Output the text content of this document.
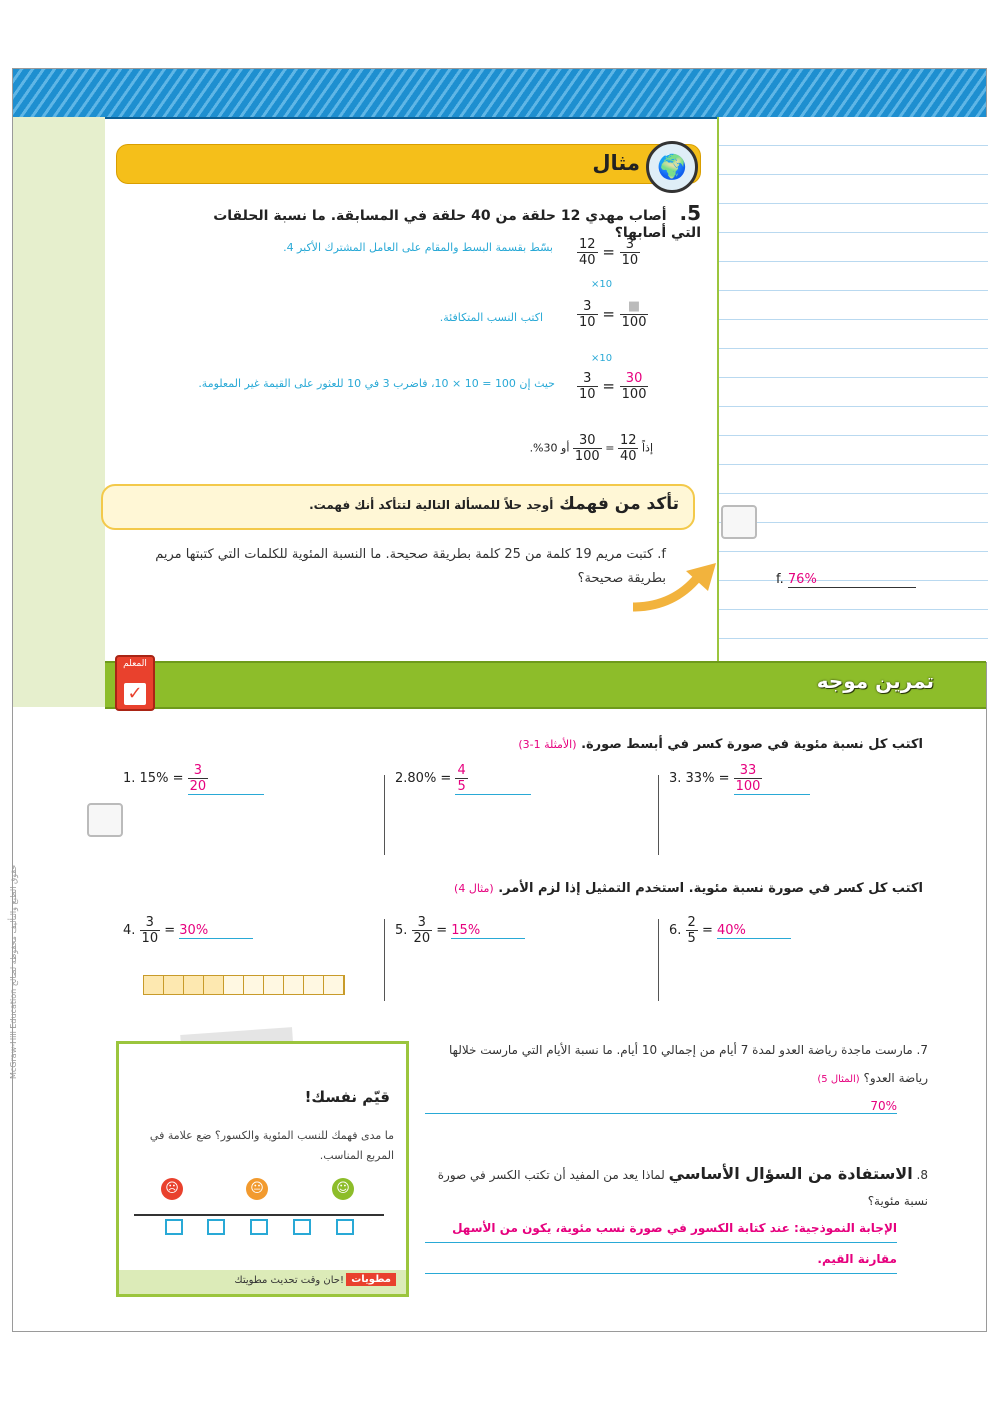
مثال 🌍
5. أصاب مهدي 12 حلقة من 40 حلقة في المسابقة. ما نسبة الحلقات التي أصابها؟
$\frac{12}{40} = \frac{3}{10}$
بسّط بقسمة البسط والمقام على العامل المشترك الأكبر 4.
×10
$\frac{3}{10}$ = ■
100
×10
اكتب النسب المتكافئة.
$\frac{3}{10} = \frac{30}{100}$
حيث إن 100 = 10 × 10، فاضرب 3 في 10 للعثور على القيمة غير المعلومة.
إذاً
$\frac{12}{40}$
=
$\frac{30}{100}$
أو 30%.
تأكد من فهمك أوجد حلاً للمسألة التالية لتتأكد أنك فهمت.
f. كتبت مريم 19 كلمة من 25 كلمة بطريقة صحيحة. ما النسبة المئوية للكلمات التي كتبتها مريم بطريقة صحيحة؟	f. 76%
تمرين موجه
المعلم
✓
اكتب كل نسبة مئوية في صورة كسر في أبسط صورة. (الأمثلة 1-3)
1. $15\% = \frac{3}{20}$	$2.80\% = \frac{4}{5}$	3. $33\% = \frac{33}{100}$
اكتب كل كسر في صورة نسبة مئوية. استخدم التمثيل إذا لزم الأمر. (مثال 4)
4. $\frac{3}{10} = 30\%$	5. $\frac{3}{20} = 15\%$	6. $\frac{2}{5} = 40\%$
قيّم نفسك!
ما مدى فهمك للنسب المئوية والكسور؟ ضع علامة في المربع المناسب.
☹	😐	☺
مطويات
حان وقت تحديث مطويتك!
7. مارست ماجدة رياضة العدو لمدة 7 أيام من إجمالي 10 أيام. ما نسبة الأيام التي مارست خلالها رياضة العدو؟ (المثال 5)
70%
8. الاستفادة من السؤال الأساسي لماذا يعد من المفيد أن تكتب الكسر في صورة نسبة مئوية؟
الإجابة النموذجية: عند كتابة الكسور في صورة نسب مئوية، يكون من الأسهل مقارنة القيم.
McGraw-Hill Education حقوق الطبع والتأليف محفوظة لصالح
